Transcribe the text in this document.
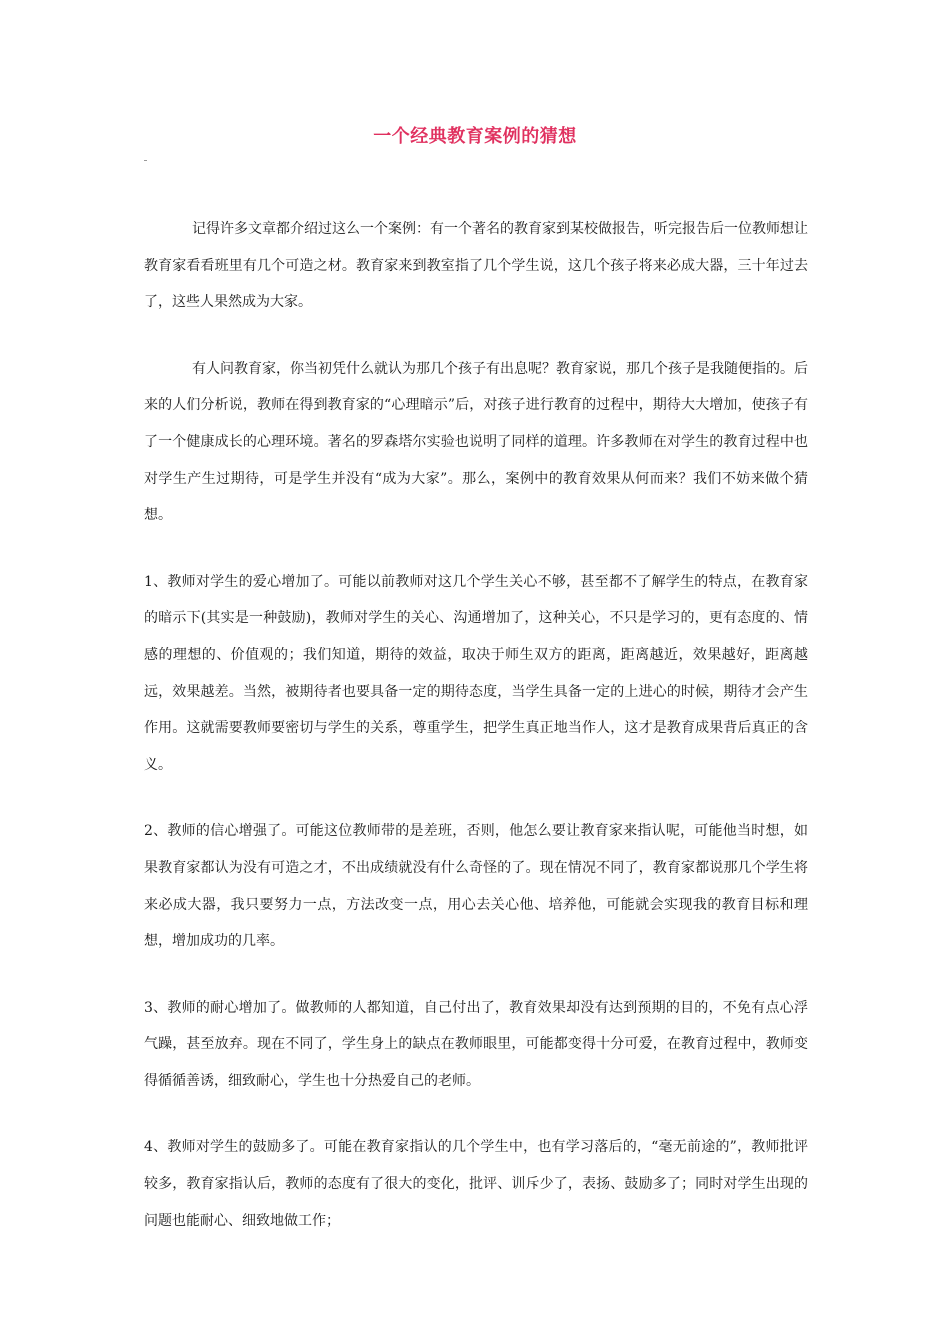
一个经典教育案例的猜想

记得许多文章都介绍过这么一个案例：有一个著名的教育家到某校做报告，听完报告后一位教师想让教育家看看班里有几个可造之材。教育家来到教室指了几个学生说，这几个孩子将来必成大器，三十年过去了，这些人果然成为大家。

有人问教育家，你当初凭什么就认为那几个孩子有出息呢？教育家说，那几个孩子是我随便指的。后来的人们分析说，教师在得到教育家的“心理暗示”后，对孩子进行教育的过程中，期待大大增加，使孩子有了一个健康成长的心理环境。著名的罗森塔尔实验也说明了同样的道理。许多教师在对学生的教育过程中也对学生产生过期待，可是学生并没有“成为大家”。那么，案例中的教育效果从何而来？我们不妨来做个猜想。

1、教师对学生的爱心增加了。可能以前教师对这几个学生关心不够，甚至都不了解学生的特点，在教育家的暗示下(其实是一种鼓励)，教师对学生的关心、沟通增加了，这种关心，不只是学习的，更有态度的、情感的理想的、价值观的；我们知道，期待的效益，取决于师生双方的距离，距离越近，效果越好，距离越远，效果越差。当然，被期待者也要具备一定的期待态度，当学生具备一定的上进心的时候，期待才会产生作用。这就需要教师要密切与学生的关系，尊重学生，把学生真正地当作人，这才是教育成果背后真正的含义。

2、教师的信心增强了。可能这位教师带的是差班，否则，他怎么要让教育家来指认呢，可能他当时想，如果教育家都认为没有可造之才，不出成绩就没有什么奇怪的了。现在情况不同了，教育家都说那几个学生将来必成大器，我只要努力一点，方法改变一点，用心去关心他、培养他，可能就会实现我的教育目标和理想，增加成功的几率。

3、教师的耐心增加了。做教师的人都知道，自己付出了，教育效果却没有达到预期的目的，不免有点心浮气躁，甚至放弃。现在不同了，学生身上的缺点在教师眼里，可能都变得十分可爱，在教育过程中，教师变得循循善诱，细致耐心，学生也十分热爱自己的老师。

4、教师对学生的鼓励多了。可能在教育家指认的几个学生中，也有学习落后的，“毫无前途的”，教师批评较多，教育家指认后，教师的态度有了很大的变化，批评、训斥少了，表扬、鼓励多了；同时对学生出现的问题也能耐心、细致地做工作；
